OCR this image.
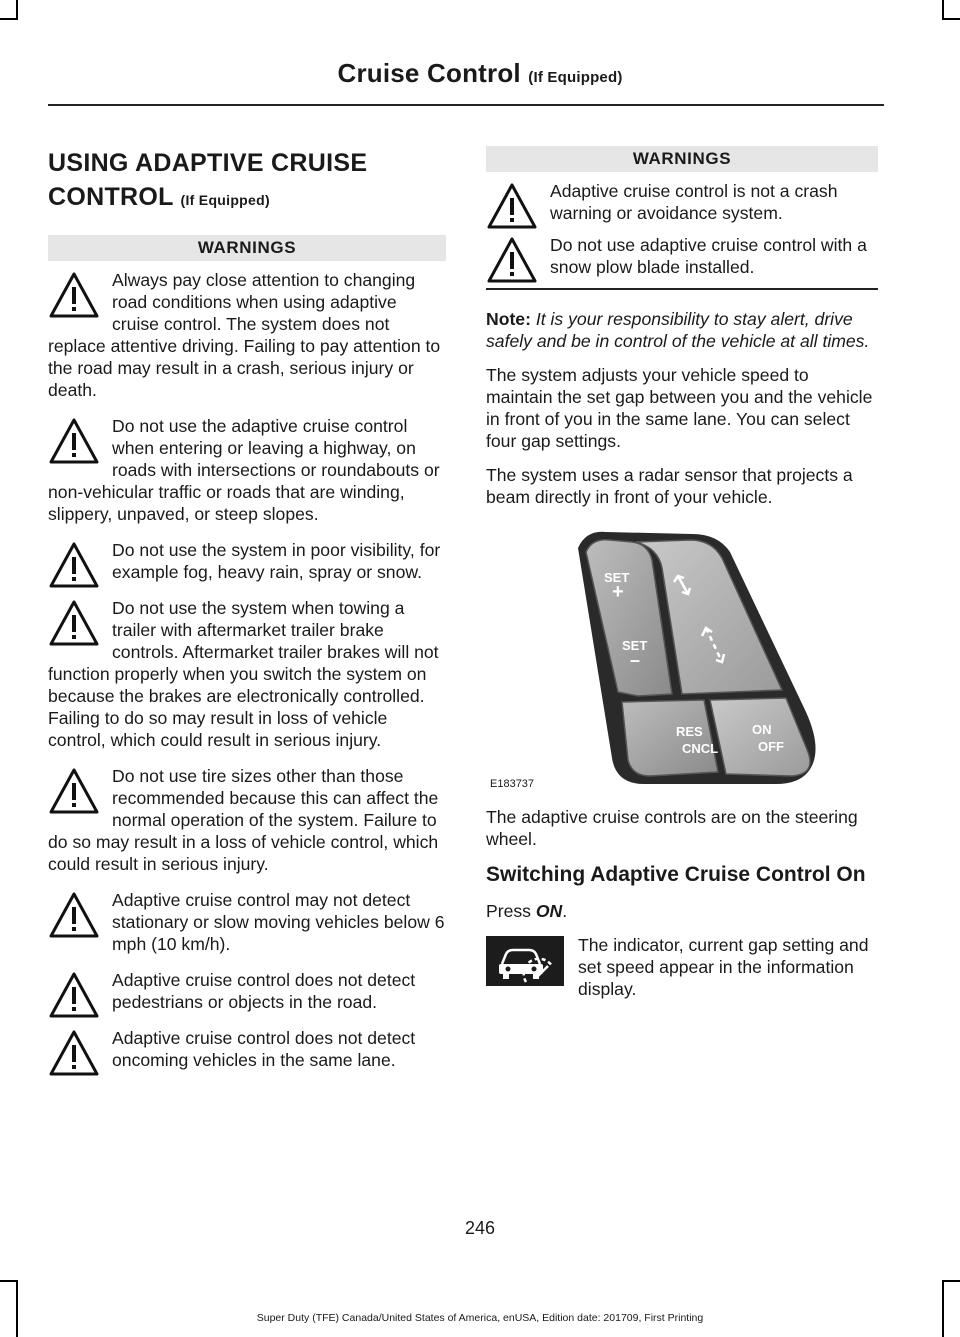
Cruise Control (If Equipped)
USING ADAPTIVE CRUISE
CONTROL (If Equipped)
WARNINGS

Always pay close attention to changing road conditions when using adaptive cruise control. The system does not replace attentive driving. Failing to pay attention to the road may result in a crash, serious injury or death.

Do not use the adaptive cruise control when entering or leaving a highway, on roads with intersections or roundabouts or non-vehicular traffic or roads that are winding, slippery, unpaved, or steep slopes.

Do not use the system in poor visibility, for example fog, heavy rain, spray or snow.

Do not use the system when towing a trailer with aftermarket trailer brake controls. Aftermarket trailer brakes will not function properly when you switch the system on because the brakes are electronically controlled. Failing to do so may result in loss of vehicle control, which could result in serious injury.

Do not use tire sizes other than those recommended because this can affect the normal operation of the system. Failure to do so may result in a loss of vehicle control, which could result in serious injury.

Adaptive cruise control may not detect stationary or slow moving vehicles below 6 mph (10 km/h).

Adaptive cruise control does not detect pedestrians or objects in the road.

Adaptive cruise control does not detect oncoming vehicles in the same lane.

WARNINGS

Adaptive cruise control is not a crash warning or avoidance system.

Do not use adaptive cruise control with a snow plow blade installed.

Note: It is your responsibility to stay alert, drive safely and be in control of the vehicle at all times.

The system adjusts your vehicle speed to maintain the set gap between you and the vehicle in front of you in the same lane. You can select four gap settings.

The system uses a radar sensor that projects a beam directly in front of your vehicle.

SET
+
SET
–
RES
CNCL
ON
OFF
E183737

The adaptive cruise controls are on the steering wheel.

Switching Adaptive Cruise Control On

Press ON.

The indicator, current gap setting and set speed appear in the information display.

246
Super Duty (TFE) Canada/United States of America, enUSA, Edition date: 201709, First Printing
